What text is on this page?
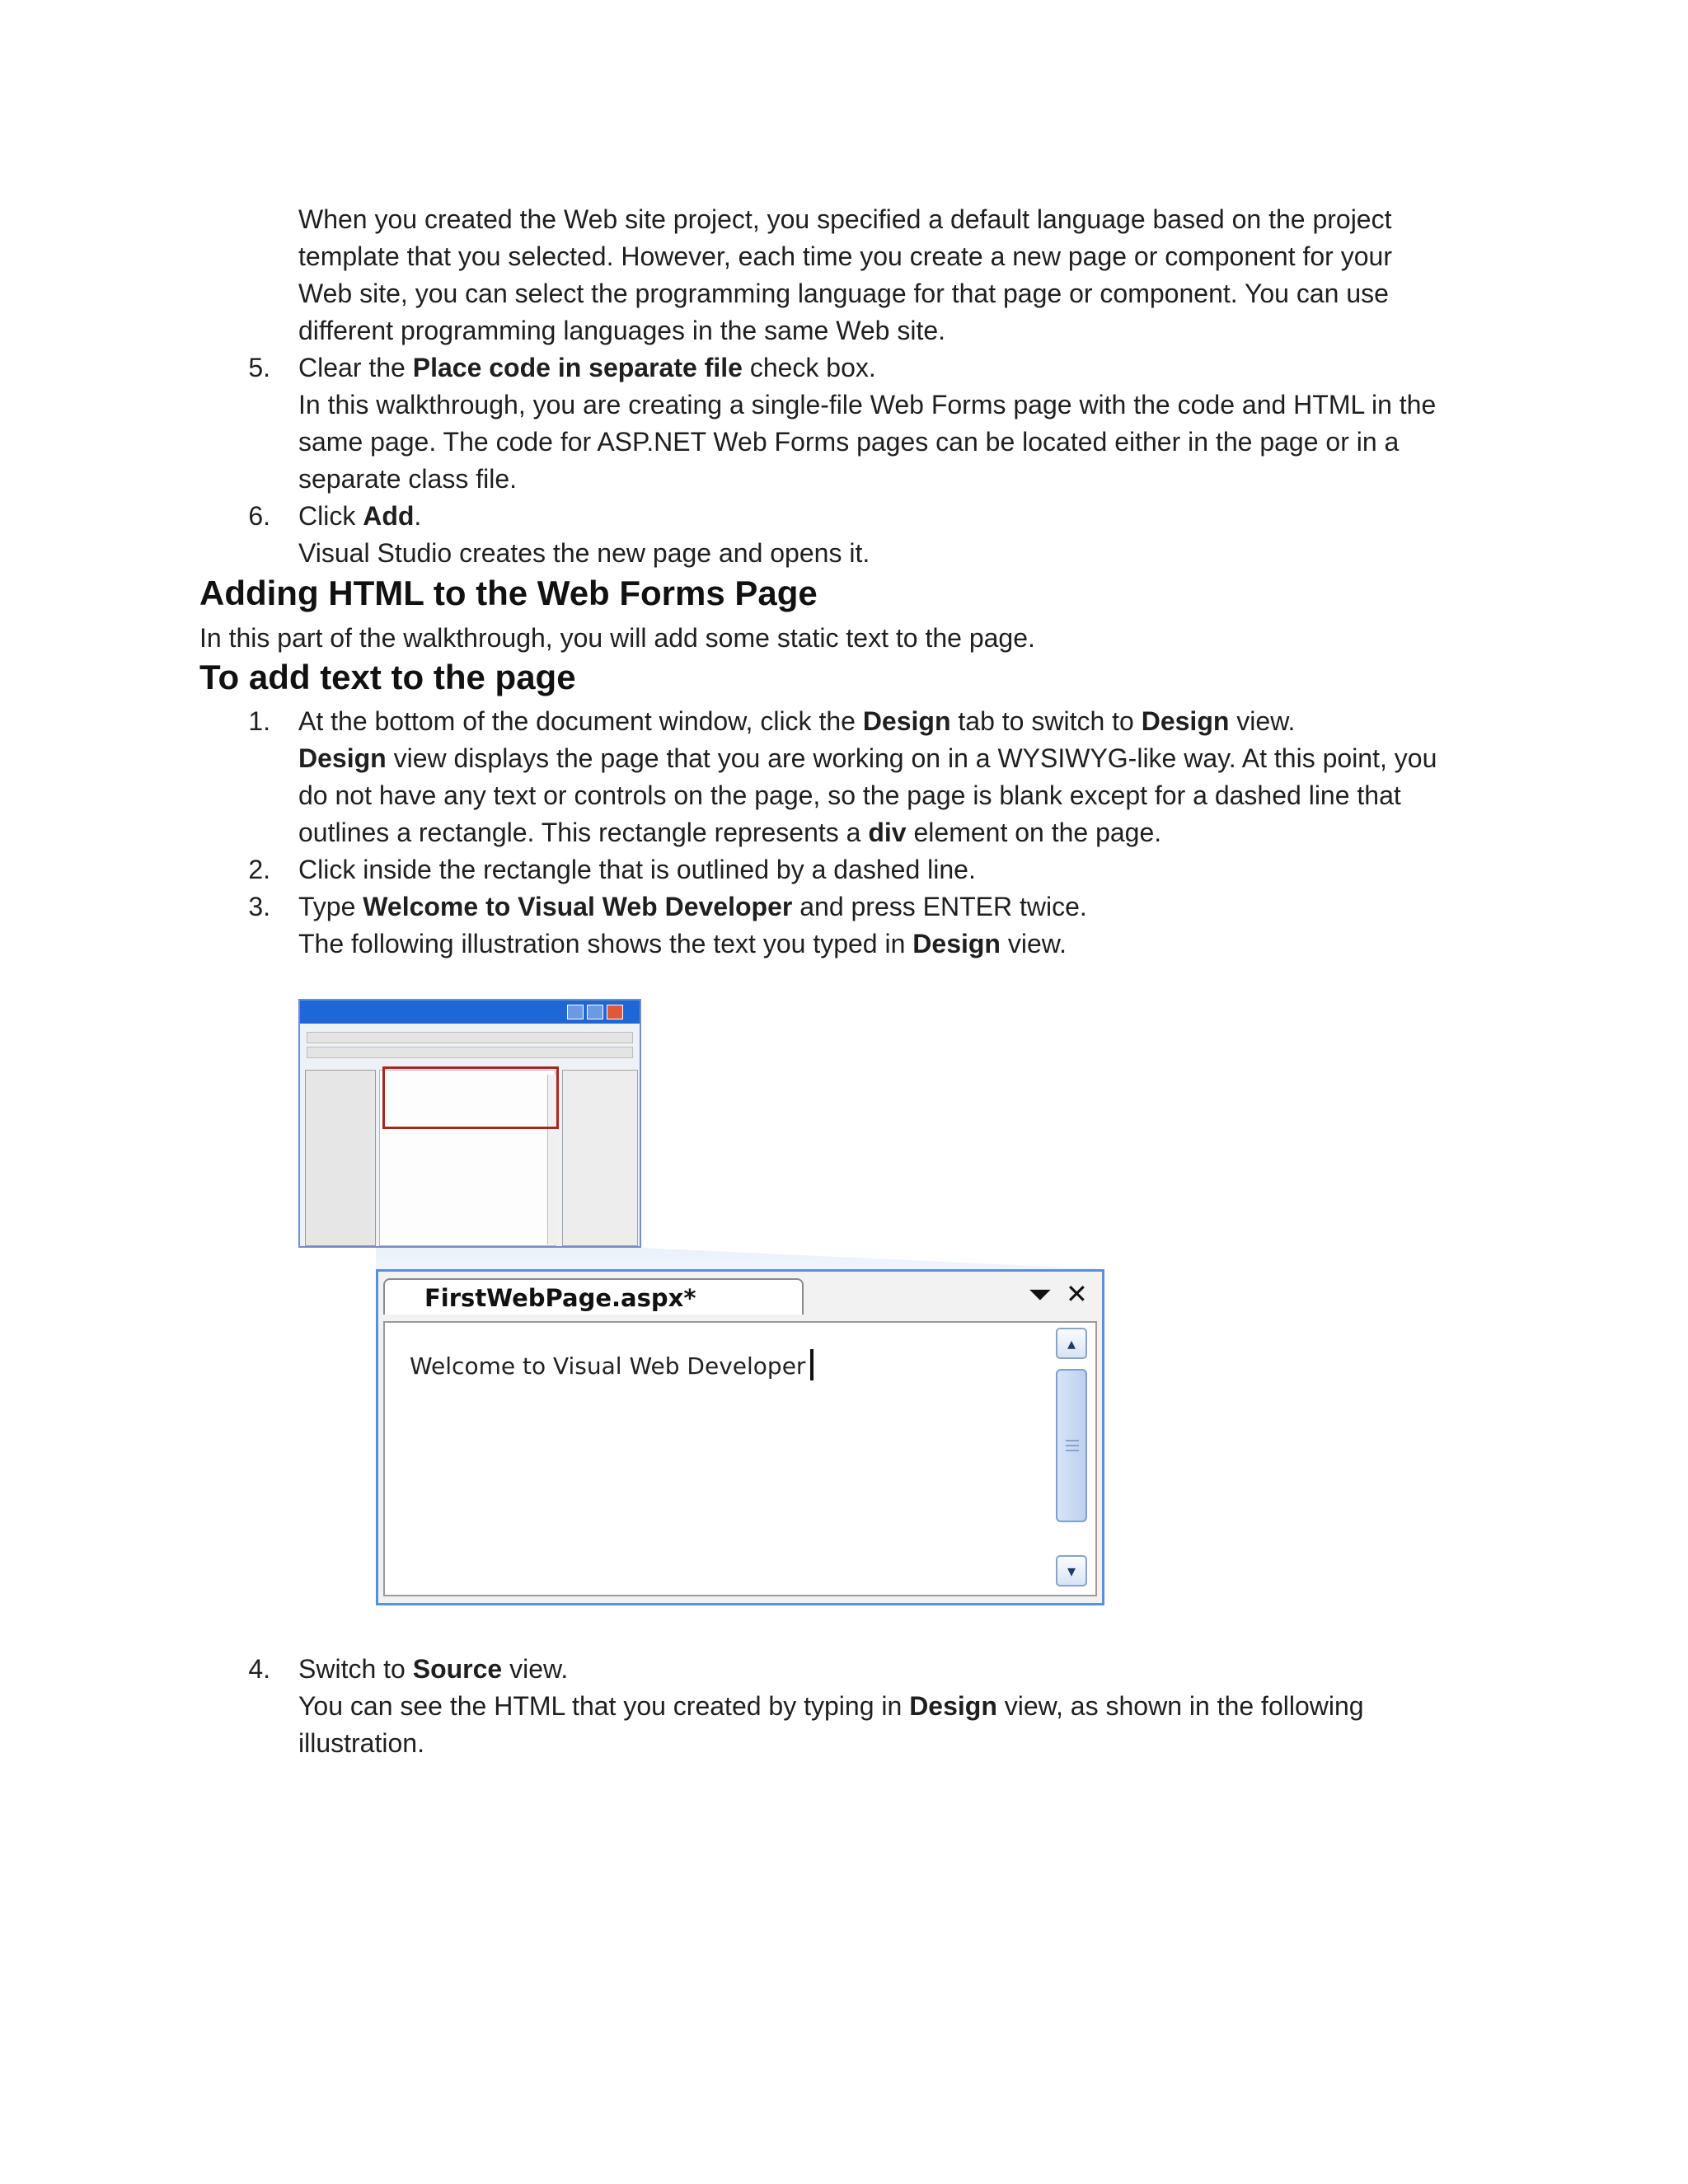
When you created the Web site project, you specified a default language based on the project
template that you selected. However, each time you create a new page or component for your
Web site, you can select the programming language for that page or component. You can use
different programming languages in the same Web site.
5. Clear the Place code in separate file check box.
In this walkthrough, you are creating a single-file Web Forms page with the code and HTML in the
same page. The code for ASP.NET Web Forms pages can be located either in the page or in a
separate class file.
6. Click Add.
Visual Studio creates the new page and opens it.
Adding HTML to the Web Forms Page
In this part of the walkthrough, you will add some static text to the page.
To add text to the page
1. At the bottom of the document window, click the Design tab to switch to Design view.
Design view displays the page that you are working on in a WYSIWYG-like way. At this point, you
do not have any text or controls on the page, so the page is blank except for a dashed line that
outlines a rectangle. This rectangle represents a div element on the page.
2. Click inside the rectangle that is outlined by a dashed line.
3. Type Welcome to Visual Web Developer and press ENTER twice.
The following illustration shows the text you typed in Design view.
FirstWebPage.aspx*	⏷ ✕
Welcome to Visual Web Developer
▴
▾
4. Switch to Source view.
You can see the HTML that you created by typing in Design view, as shown in the following
illustration.
